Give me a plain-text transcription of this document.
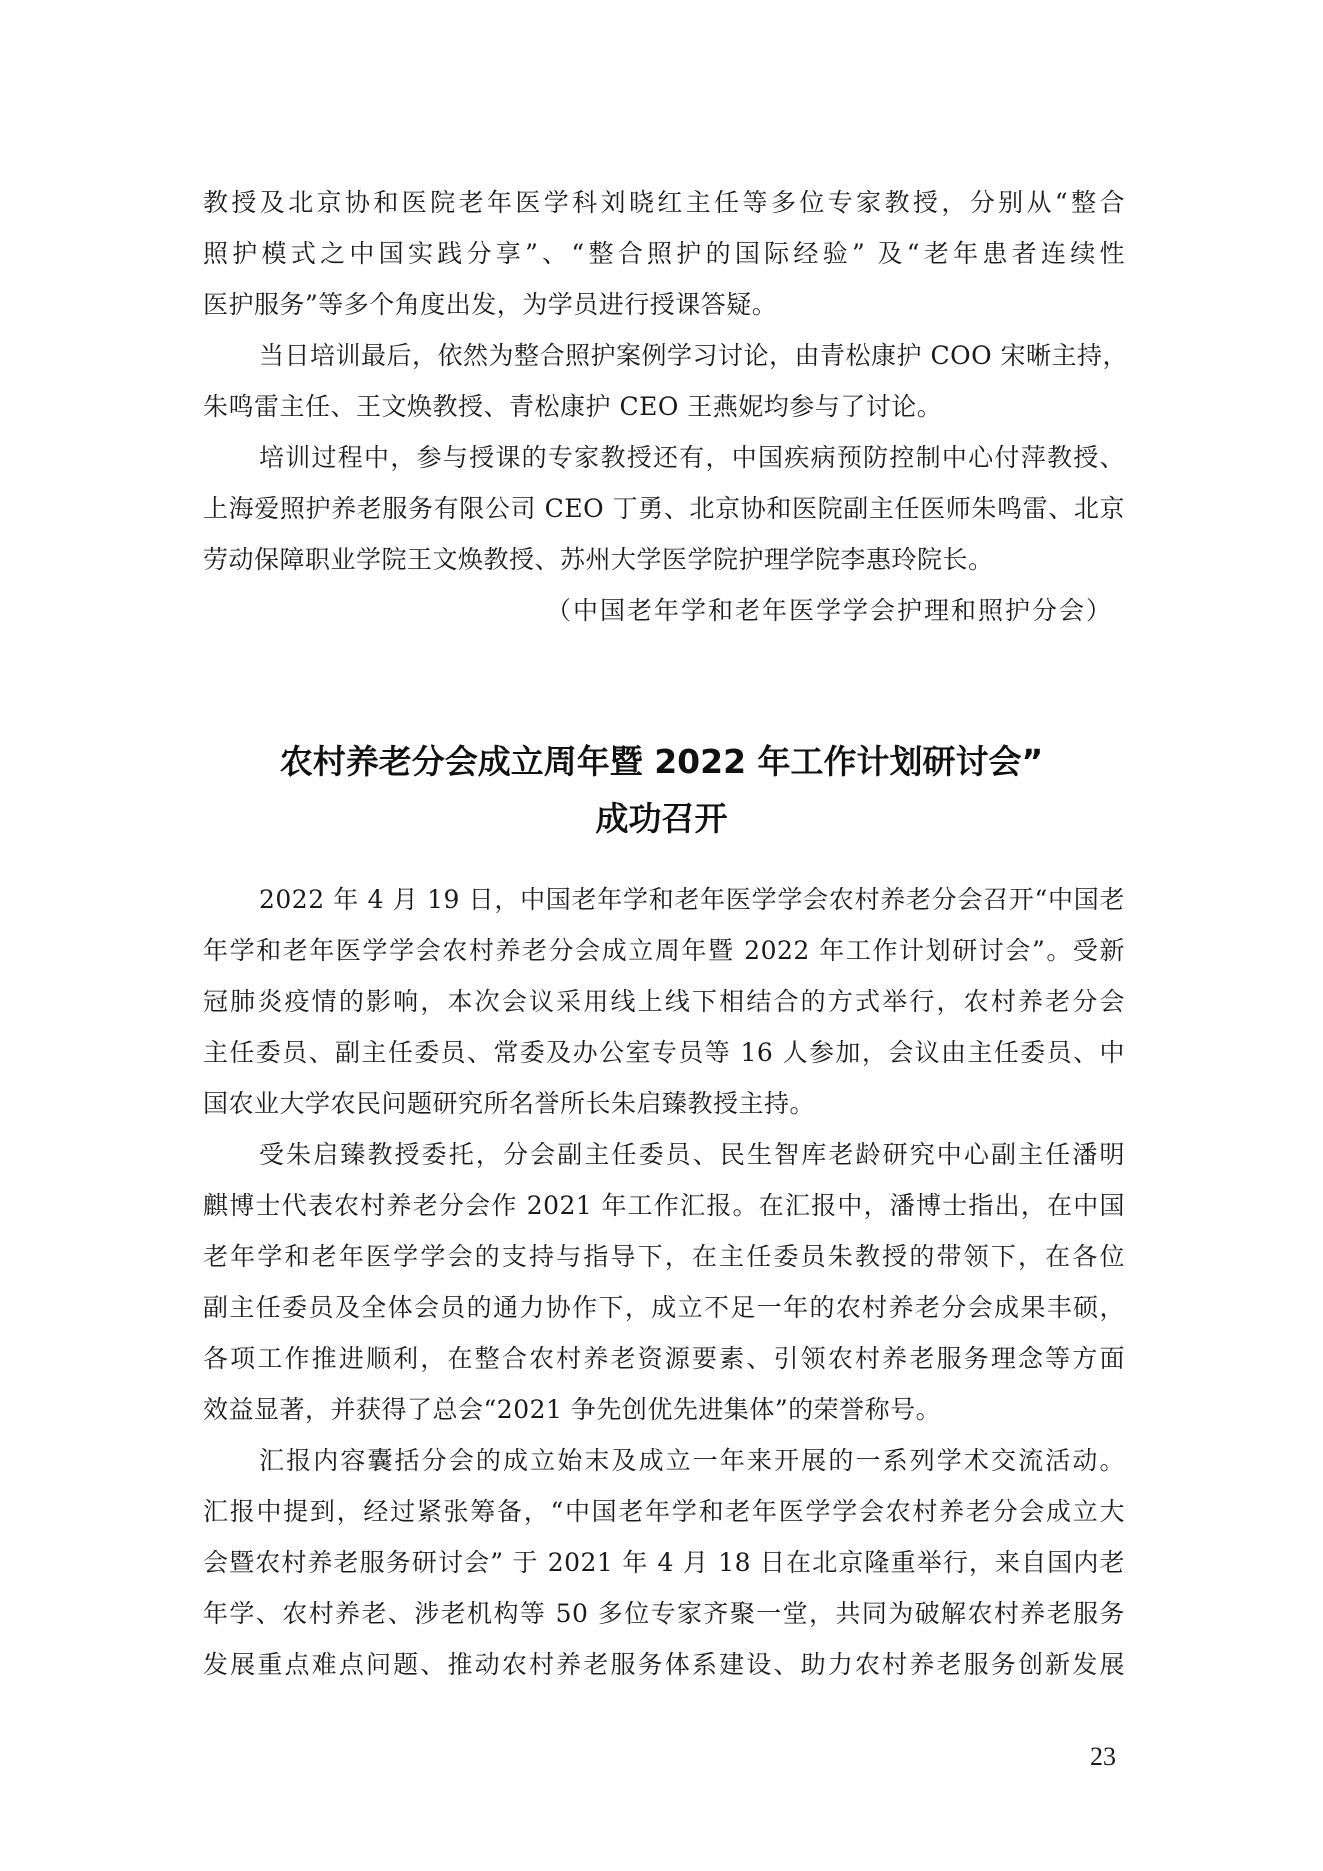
教授及北京协和医院老年医学科刘晓红主任等多位专家教授，分别从“整合
照护模式之中国实践分享”、“整合照护的国际经验” 及“老年患者连续性
医护服务”等多个角度出发，为学员进行授课答疑。
当日培训最后，依然为整合照护案例学习讨论，由青松康护 COO 宋晰主持，
朱鸣雷主任、王文焕教授、青松康护 CEO 王燕妮均参与了讨论。
培训过程中，参与授课的专家教授还有，中国疾病预防控制中心付萍教授、
上海爱照护养老服务有限公司 CEO 丁勇、北京协和医院副主任医师朱鸣雷、北京
劳动保障职业学院王文焕教授、苏州大学医学院护理学院李惠玲院长。
（中国老年学和老年医学学会护理和照护分会）
农村养老分会成立周年暨 2022 年工作计划研讨会”
成功召开
2022 年 4 月 19 日，中国老年学和老年医学学会农村养老分会召开“中国老
年学和老年医学学会农村养老分会成立周年暨 2022 年工作计划研讨会”。受新
冠肺炎疫情的影响，本次会议采用线上线下相结合的方式举行，农村养老分会
主任委员、副主任委员、常委及办公室专员等 16 人参加，会议由主任委员、中
国农业大学农民问题研究所名誉所长朱启臻教授主持。
受朱启臻教授委托，分会副主任委员、民生智库老龄研究中心副主任潘明
麒博士代表农村养老分会作 2021 年工作汇报。在汇报中，潘博士指出，在中国
老年学和老年医学学会的支持与指导下，在主任委员朱教授的带领下，在各位
副主任委员及全体会员的通力协作下，成立不足一年的农村养老分会成果丰硕，
各项工作推进顺利，在整合农村养老资源要素、引领农村养老服务理念等方面
效益显著，并获得了总会“2021 争先创优先进集体”的荣誉称号。
汇报内容囊括分会的成立始末及成立一年来开展的一系列学术交流活动。
汇报中提到，经过紧张筹备，“中国老年学和老年医学学会农村养老分会成立大
会暨农村养老服务研讨会” 于 2021 年 4 月 18 日在北京隆重举行，来自国内老
年学、农村养老、涉老机构等 50 多位专家齐聚一堂，共同为破解农村养老服务
发展重点难点问题、推动农村养老服务体系建设、助力农村养老服务创新发展
23
